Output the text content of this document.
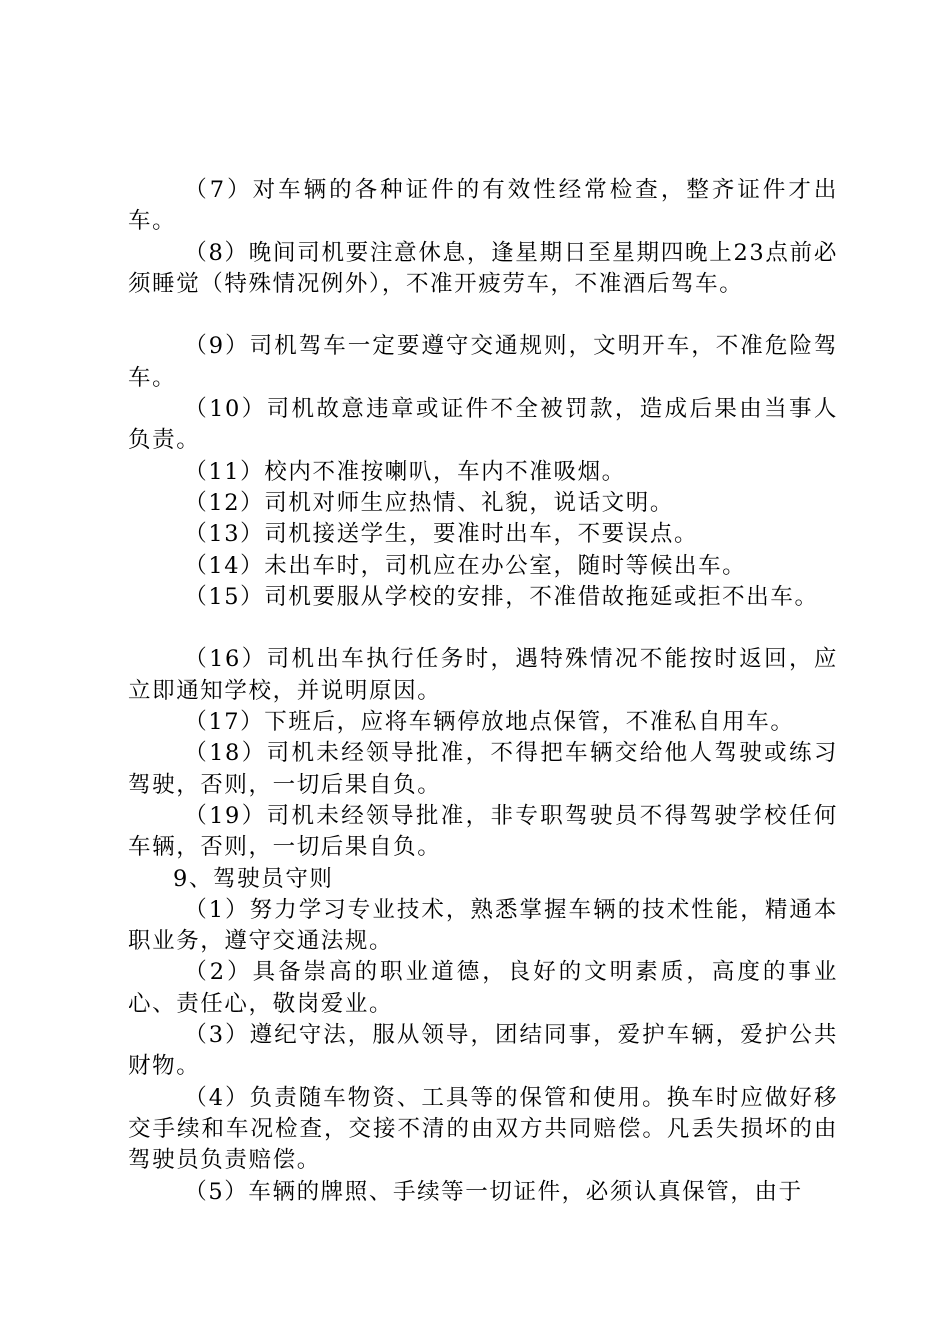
（7）对车辆的各种证件的有效性经常检查，整齐证件才出车。

（8）晚间司机要注意休息，逢星期日至星期四晚上23点前必须睡觉（特殊情况例外），不准开疲劳车，不准酒后驾车。

（9）司机驾车一定要遵守交通规则，文明开车，不准危险驾车。

（10）司机故意违章或证件不全被罚款，造成后果由当事人负责。

（11）校内不准按喇叭，车内不准吸烟。

（12）司机对师生应热情、礼貌，说话文明。

（13）司机接送学生，要准时出车，不要误点。

（14）未出车时，司机应在办公室，随时等候出车。

（15）司机要服从学校的安排，不准借故拖延或拒不出车。

（16）司机出车执行任务时，遇特殊情况不能按时返回，应立即通知学校，并说明原因。

（17）下班后，应将车辆停放地点保管，不准私自用车。

（18）司机未经领导批准，不得把车辆交给他人驾驶或练习驾驶，否则，一切后果自负。

（19）司机未经领导批准，非专职驾驶员不得驾驶学校任何车辆，否则，一切后果自负。

9、驾驶员守则

（1）努力学习专业技术，熟悉掌握车辆的技术性能，精通本职业务，遵守交通法规。

（2）具备崇高的职业道德，良好的文明素质，高度的事业心、责任心，敬岗爱业。

（3）遵纪守法，服从领导，团结同事，爱护车辆，爱护公共财物。

（4）负责随车物资、工具等的保管和使用。换车时应做好移交手续和车况检查，交接不清的由双方共同赔偿。凡丢失损坏的由驾驶员负责赔偿。

（5）车辆的牌照、手续等一切证件，必须认真保管，由于
